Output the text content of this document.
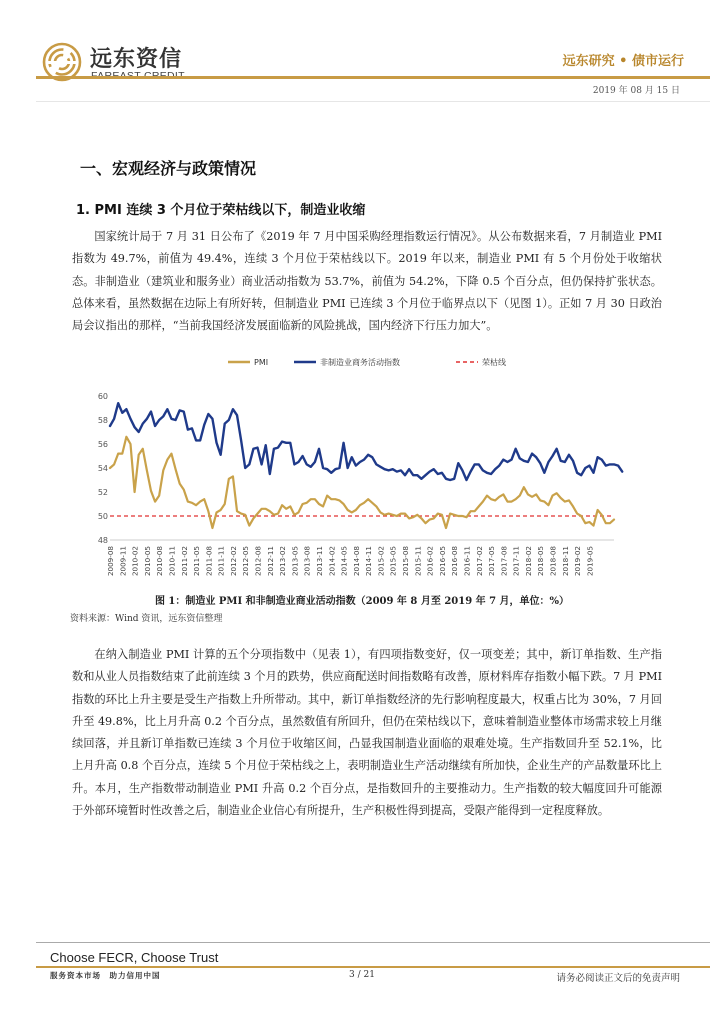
远东资信	远东研究 • 债市运行
2019 年 08 月 15 日
一、宏观经济与政策情况
1. PMI 连续 3 个月位于荣枯线以下，制造业收缩

国家统计局于 7 月 31 日公布了《2019 年 7 月中国采购经理指数运行情况》。从公布数据来看，7 月制造业 PMI 指数为 49.7%，前值为 49.4%，连续 3 个月位于荣枯线以下。2019 年以来，制造业 PMI 有 5 个月份处于收缩状态。非制造业（建筑业和服务业）商业活动指数为 53.7%，前值为 54.2%，下降 0.5 个百分点，但仍保持扩张状态。总体来看，虽然数据在边际上有所好转，但制造业 PMI 已连续 3 个月位于临界点以下（见图 1）。正如 7 月 30 日政治局会议指出的那样，“当前我国经济发展面临新的风险挑战，国内经济下行压力加大”。

PMI	非制造业商务活动指数	荣枯线
48
50
52
54
56
58
60
2009-08 2009-11 2010-02 2010-05 2010-08 2010-11 2011-02 2011-05 2011-08 2011-11 2012-02 2012-05 2012-08 2012-11 2013-02 2013-05 2013-08 2013-11 2014-02 2014-05 2014-08 2014-11 2015-02 2015-05 2015-08 2015-11 2016-02 2016-05 2016-08 2016-11 2017-02 2017-05 2017-08 2017-11 2018-02 2018-05 2018-08 2018-11 2019-02 2019-05
图 1：制造业 PMI 和非制造业商业活动指数（2009 年 8 月至 2019 年 7 月，单位：%）
资料来源：Wind 资讯，远东资信整理

在纳入制造业 PMI 计算的五个分项指数中（见表 1），有四项指数变好，仅一项变差；其中，新订单指数、生产指数和从业人员指数结束了此前连续 3 个月的跌势，供应商配送时间指数略有改善，原材料库存指数小幅下跌。7 月 PMI 指数的环比上升主要是受生产指数上升所带动。其中，新订单指数经济的先行影响程度最大，权重占比为 30%，7 月回升至 49.8%，比上月升高 0.2 个百分点，虽然数值有所回升，但仍在荣枯线以下，意味着制造业整体市场需求较上月继续回落，并且新订单指数已连续 3 个月位于收缩区间，凸显我国制造业面临的艰难处境。生产指数回升至 52.1%，比上月升高 0.8 个百分点，连续 5 个月位于荣枯线之上，表明制造业生产活动继续有所加快，企业生产的产品数量环比上升。本月，生产指数带动制造业 PMI 升高 0.2 个百分点，是指数回升的主要推动力。生产指数的较大幅度回升可能源于外部环境暂时性改善之后，制造业企业信心有所提升，生产积极性得到提高，受限产能得到一定程度释放。

Choose FECR, Choose Trust
服务资本市场　助力信用中国	3 / 21	请务必阅读正文后的免责声明
